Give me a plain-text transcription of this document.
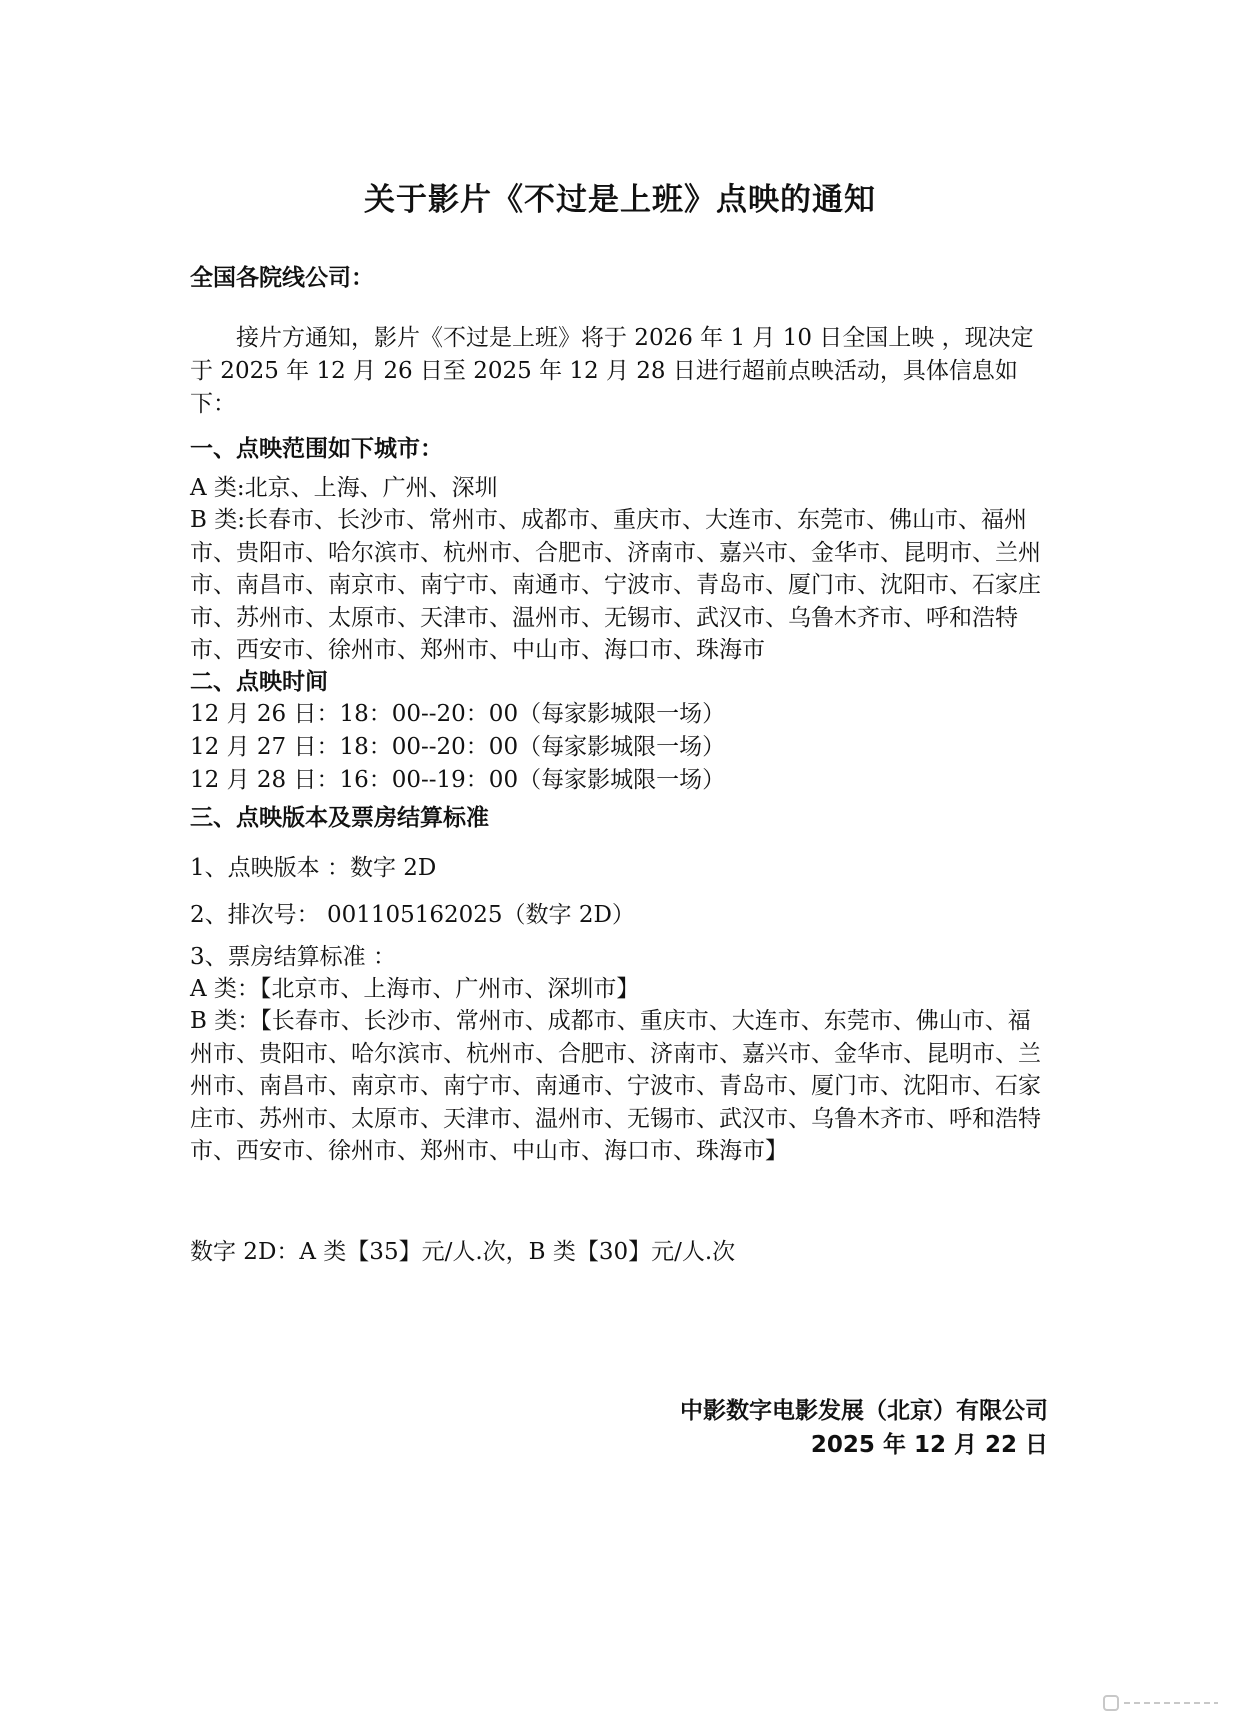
关于影片《不过是上班》点映的通知
全国各院线公司：
接片方通知，影片《不过是上班》将于 2026 年 1 月 10 日全国上映 ，现决定于 2025 年 12 月 26 日至 2025 年 12 月 28 日进行超前点映活动，具体信息如下：
一、点映范围如下城市：
A 类:北京、上海、广州、深圳
B 类:长春市、长沙市、常州市、成都市、重庆市、大连市、东莞市、佛山市、福州市、贵阳市、哈尔滨市、杭州市、合肥市、济南市、嘉兴市、金华市、昆明市、兰州市、南昌市、南京市、南宁市、南通市、宁波市、青岛市、厦门市、沈阳市、石家庄市、苏州市、太原市、天津市、温州市、无锡市、武汉市、乌鲁木齐市、呼和浩特市、西安市、徐州市、郑州市、中山市、海口市、珠海市
二、点映时间
12 月 26 日：18：00--20：00（每家影城限一场）
12 月 27 日：18：00--20：00（每家影城限一场）
12 月 28 日：16：00--19：00（每家影城限一场）
三、点映版本及票房结算标准
1、点映版本 ：数字 2D
2、排次号： 001105162025（数字 2D）
3、票房结算标准 ：
A 类：【北京市、上海市、广州市、深圳市】
B 类：【长春市、长沙市、常州市、成都市、重庆市、大连市、东莞市、佛山市、福州市、贵阳市、哈尔滨市、杭州市、合肥市、济南市、嘉兴市、金华市、昆明市、兰州市、南昌市、南京市、南宁市、南通市、宁波市、青岛市、厦门市、沈阳市、石家庄市、苏州市、太原市、天津市、温州市、无锡市、武汉市、乌鲁木齐市、呼和浩特市、西安市、徐州市、郑州市、中山市、海口市、珠海市】
数字 2D：A 类【35】元/人.次，B 类【30】元/人.次
中影数字电影发展（北京）有限公司
2025 年 12 月 22 日
